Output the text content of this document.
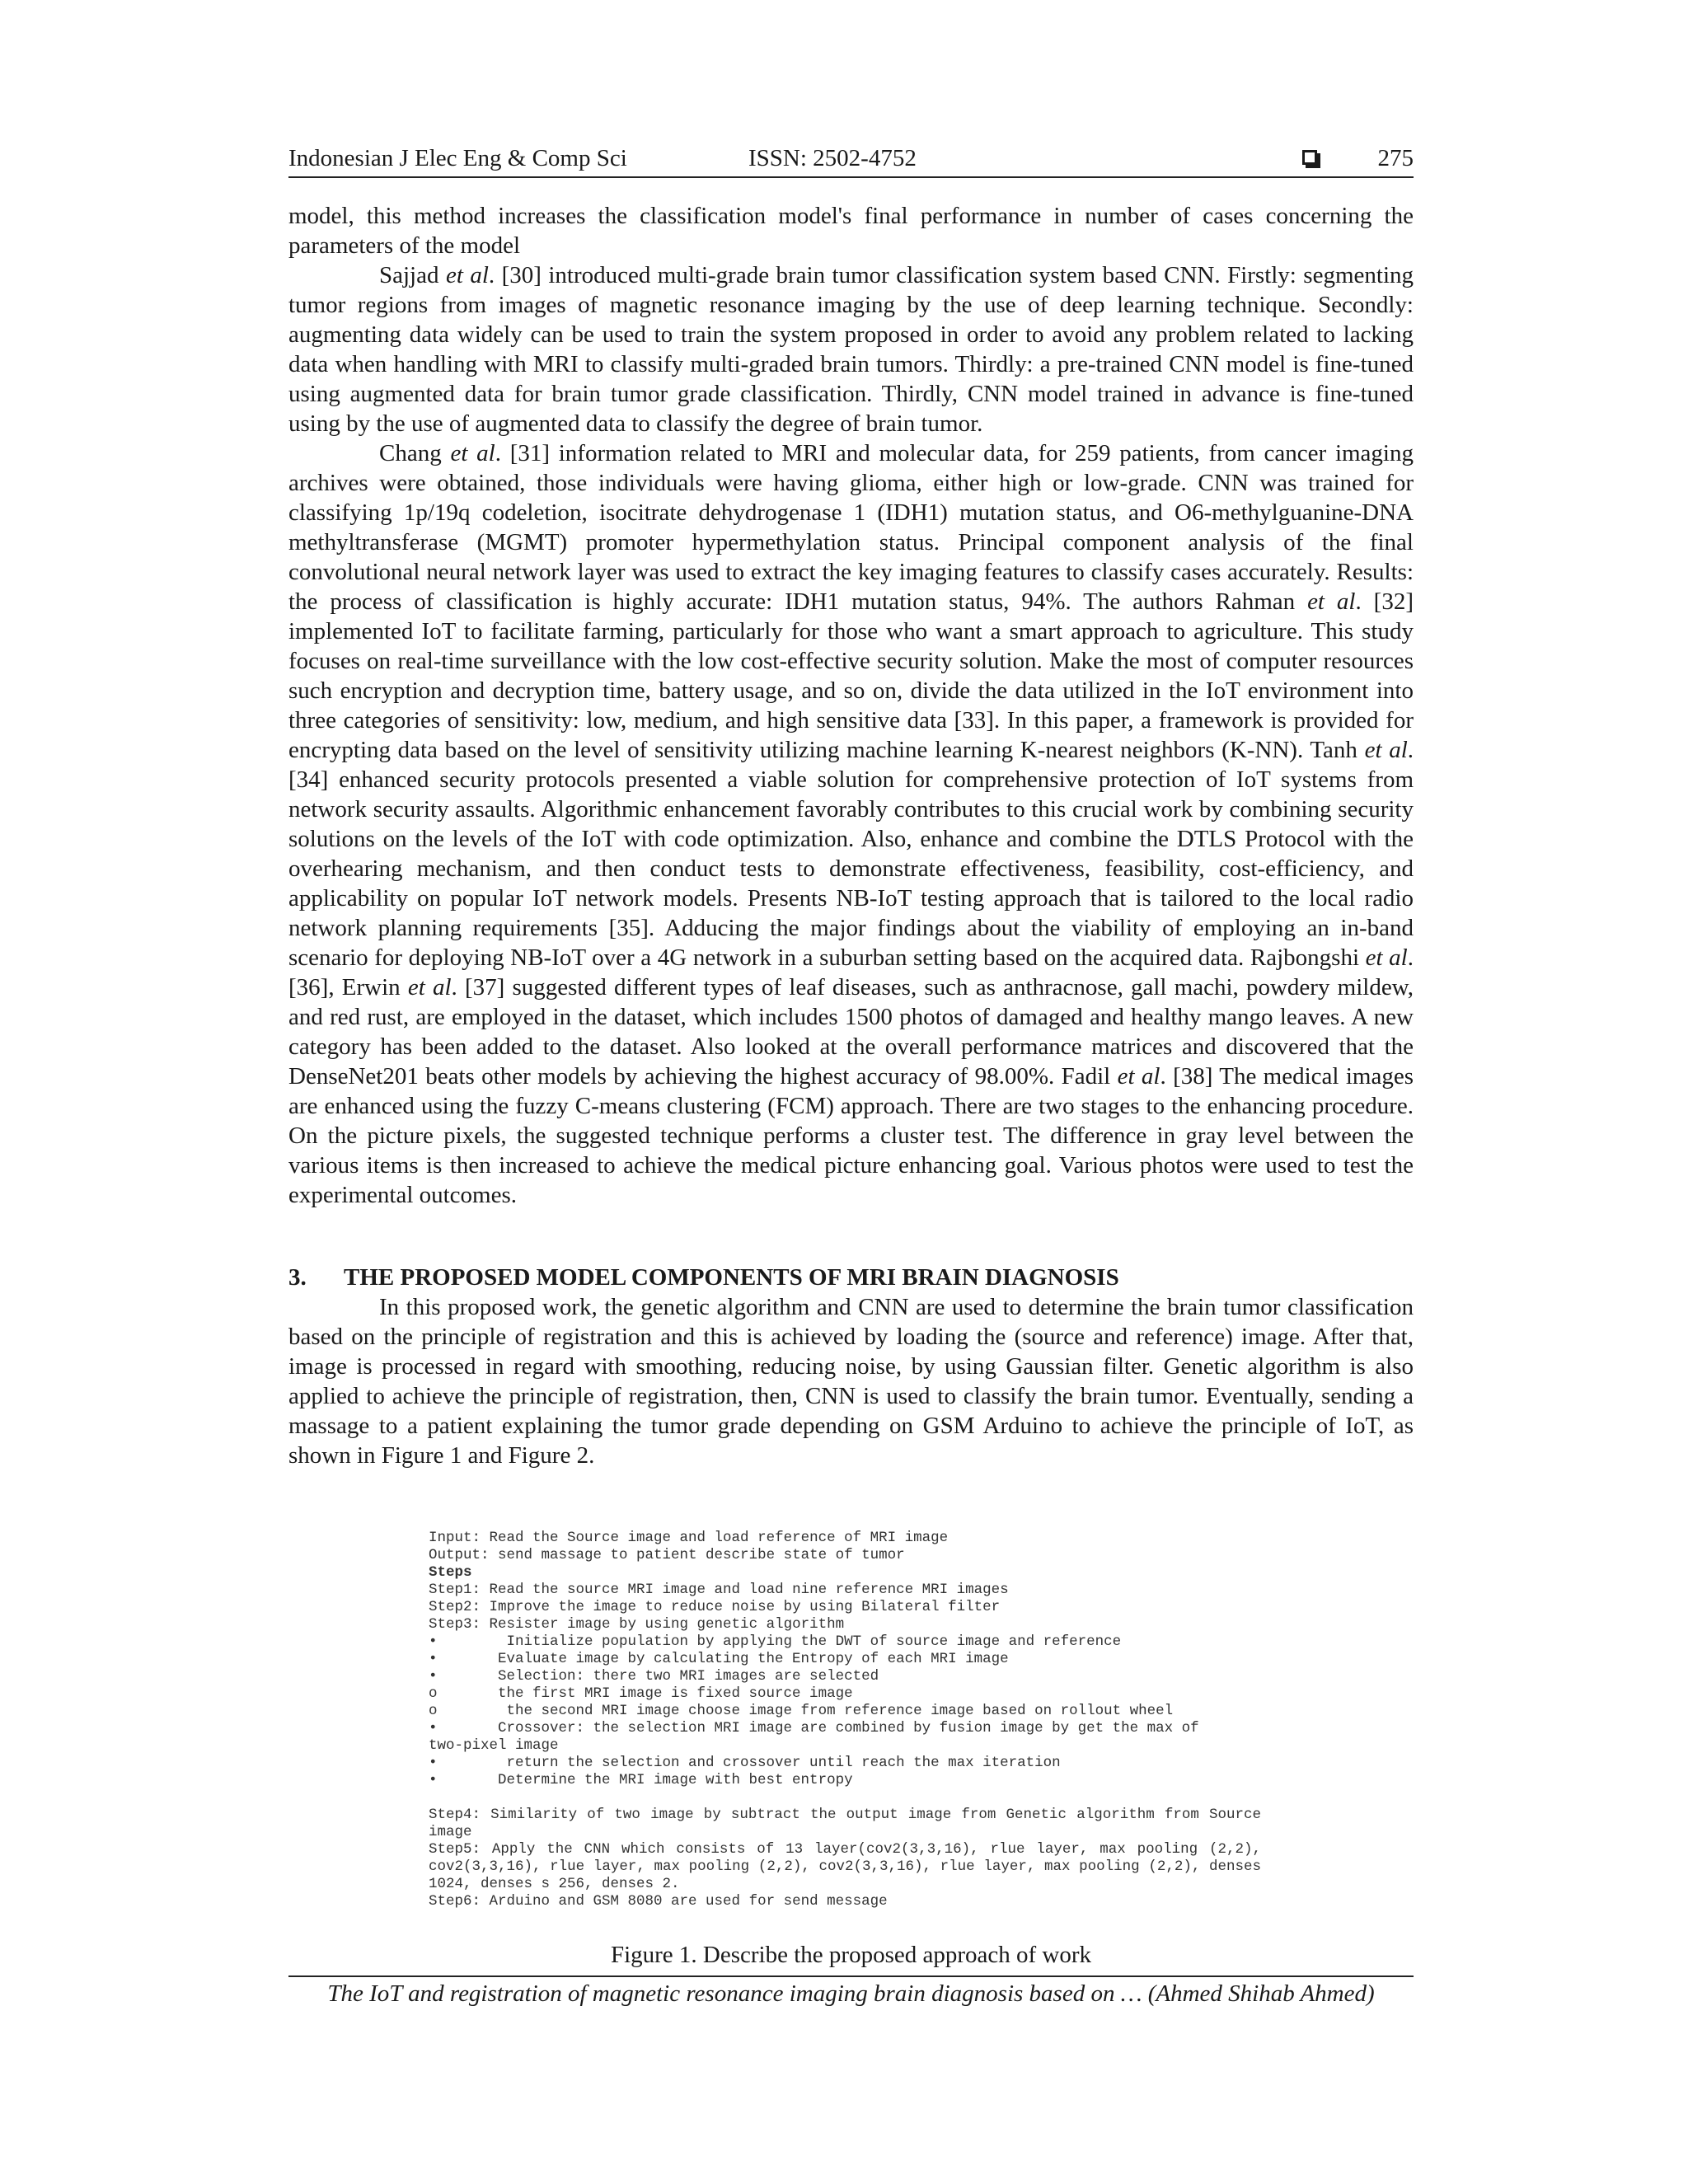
Indonesian J Elec Eng & Comp Sci	ISSN: 2502-4752	275

model, this method increases the classification model's final performance in number of cases concerning the parameters of the model

Sajjad et al. [30] introduced multi-grade brain tumor classification system based CNN. Firstly: segmenting tumor regions from images of magnetic resonance imaging by the use of deep learning technique. Secondly: augmenting data widely can be used to train the system proposed in order to avoid any problem related to lacking data when handling with MRI to classify multi-graded brain tumors. Thirdly: a pre-trained CNN model is fine-tuned using augmented data for brain tumor grade classification. Thirdly, CNN model trained in advance is fine-tuned using by the use of augmented data to classify the degree of brain tumor.

Chang et al. [31] information related to MRI and molecular data, for 259 patients, from cancer imaging archives were obtained, those individuals were having glioma, either high or low-grade. CNN was trained for classifying 1p/19q codeletion, isocitrate dehydrogenase 1 (IDH1) mutation status, and O6-methylguanine-DNA methyltransferase (MGMT) promoter hypermethylation status. Principal component analysis of the final convolutional neural network layer was used to extract the key imaging features to classify cases accurately. Results: the process of classification is highly accurate: IDH1 mutation status, 94%. The authors Rahman et al. [32] implemented IoT to facilitate farming, particularly for those who want a smart approach to agriculture. This study focuses on real-time surveillance with the low cost-effective security solution. Make the most of computer resources such encryption and decryption time, battery usage, and so on, divide the data utilized in the IoT environment into three categories of sensitivity: low, medium, and high sensitive data [33]. In this paper, a framework is provided for encrypting data based on the level of sensitivity utilizing machine learning K-nearest neighbors (K-NN). Tanh et al. [34] enhanced security protocols presented a viable solution for comprehensive protection of IoT systems from network security assaults. Algorithmic enhancement favorably contributes to this crucial work by combining security solutions on the levels of the IoT with code optimization. Also, enhance and combine the DTLS Protocol with the overhearing mechanism, and then conduct tests to demonstrate effectiveness, feasibility, cost-efficiency, and applicability on popular IoT network models. Presents NB-IoT testing approach that is tailored to the local radio network planning requirements [35]. Adducing the major findings about the viability of employing an in-band scenario for deploying NB-IoT over a 4G network in a suburban setting based on the acquired data. Rajbongshi et al. [36], Erwin et al. [37] suggested different types of leaf diseases, such as anthracnose, gall machi, powdery mildew, and red rust, are employed in the dataset, which includes 1500 photos of damaged and healthy mango leaves. A new category has been added to the dataset. Also looked at the overall performance matrices and discovered that the DenseNet201 beats other models by achieving the highest accuracy of 98.00%. Fadil et al. [38] The medical images are enhanced using the fuzzy C-means clustering (FCM) approach. There are two stages to the enhancing procedure. On the picture pixels, the suggested technique performs a cluster test. The difference in gray level between the various items is then increased to achieve the medical picture enhancing goal. Various photos were used to test the experimental outcomes.

3. THE PROPOSED MODEL COMPONENTS OF MRI BRAIN DIAGNOSIS

In this proposed work, the genetic algorithm and CNN are used to determine the brain tumor classification based on the principle of registration and this is achieved by loading the (source and reference) image. After that, image is processed in regard with smoothing, reducing noise, by using Gaussian filter. Genetic algorithm is also applied to achieve the principle of registration, then, CNN is used to classify the brain tumor. Eventually, sending a massage to a patient explaining the tumor grade depending on GSM Arduino to achieve the principle of IoT, as shown in Figure 1 and Figure 2.

Input: Read the Source image and load reference of MRI image
Output: send massage to patient describe state of tumor
Steps
Step1: Read the source MRI image and load nine reference MRI images
Step2: Improve the image to reduce noise by using Bilateral filter
Step3: Resister image by using genetic algorithm
•	Initialize population by applying the DWT of source image and reference
•	Evaluate image by calculating the Entropy of each MRI image
•	Selection: there two MRI images are selected
o	the first MRI image is fixed source image
o	the second MRI image choose image from reference image based on rollout wheel
•	Crossover: the selection MRI image are combined by fusion image by get the max of
two-pixel image
•	return the selection and crossover until reach the max iteration
•	Determine the MRI image with best entropy
Step4: Similarity of two image by subtract the output image from Genetic algorithm from Source image
Step5: Apply the CNN which consists of 13 layer(cov2(3,3,16), rlue layer, max pooling (2,2), cov2(3,3,16), rlue layer, max pooling (2,2), cov2(3,3,16), rlue layer, max pooling (2,2), denses 1024, denses s 256, denses 2.
Step6: Arduino and GSM 8080 are used for send message
Figure 1. Describe the proposed approach of work
The IoT and registration of magnetic resonance imaging brain diagnosis based on … (Ahmed Shihab Ahmed)
